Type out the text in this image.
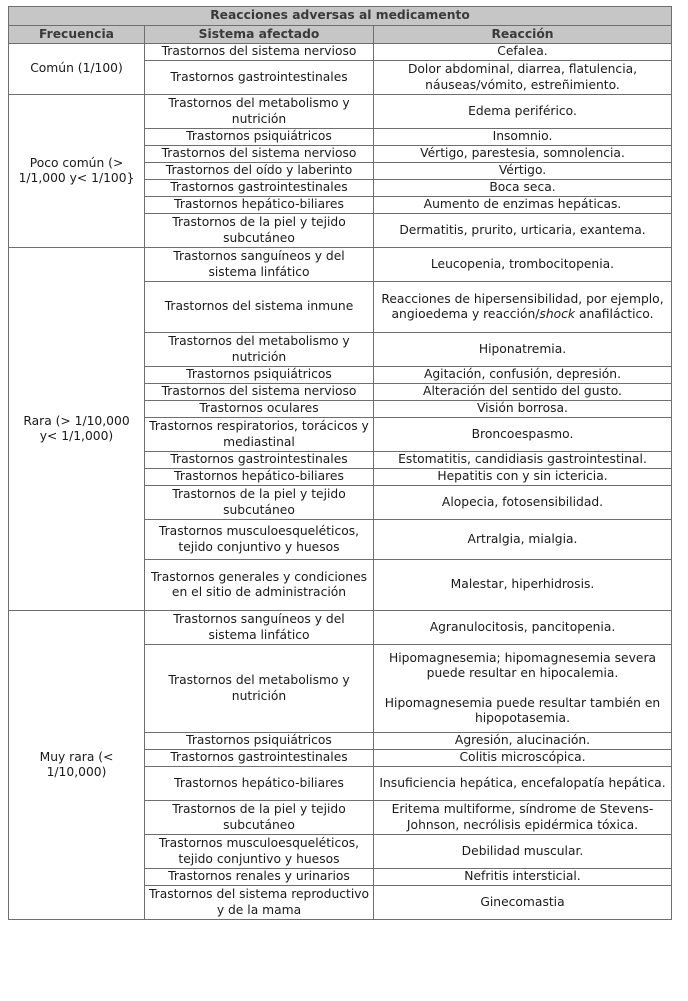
Reacciones adversas al medicamento		
Frecuencia	Sistema afectado	Reacción
Común (1/100)	Trastornos del sistema nervioso	Cefalea.

	Trastornos gastrointestinales	Dolor abdominal, diarrea, flatulencia, náuseas/vómito, estreñimiento.

Poco común (> 1/1,000 y< 1/100}	Trastornos del metabolismo y nutrición	Edema periférico.

	Trastornos psiquiátricos	Insomnio.

	Trastornos del sistema nervioso	Vértigo, parestesia, somnolencia.

	Trastornos del oído y laberinto	Vértigo.

	Trastornos gastrointestinales	Boca seca.

	Trastornos hepático-biliares	Aumento de enzimas hepáticas.

	Trastornos de la piel y tejido subcutáneo	Dermatitis, prurito, urticaria, exantema.

Rara (> 1/10,000 y< 1/1,000)	Trastornos sanguíneos y del sistema linfático	Leucopenia, trombocitopenia.

	Trastornos del sistema inmune	Reacciones de hipersensibilidad, por ejemplo, angioedema y reacción/shock anafiláctico.

	Trastornos del metabolismo y nutrición	Hiponatremia.

	Trastornos psiquiátricos	Agitación, confusión, depresión.

	Trastornos del sistema nervioso	Alteración del sentido del gusto.

	Trastornos oculares	Visión borrosa.

	Trastornos respiratorios, torácicos y mediastinal	Broncoespasmo.

	Trastornos gastrointestinales	Estomatitis, candidiasis gastrointestinal.

	Trastornos hepático-biliares	Hepatitis con y sin ictericia.

	Trastornos de la piel y tejido subcutáneo	Alopecia, fotosensibilidad.

	Trastornos musculoesqueléticos, tejido conjuntivo y huesos	Artralgia, mialgia.

	Trastornos generales y condiciones en el sitio de administración	Malestar, hiperhidrosis.

Muy rara (< 1/10,000)	Trastornos sanguíneos y del sistema linfático	Agranulocitosis, pancitopenia.

	Trastornos del metabolismo y nutrición	Hipomagnesemia; hipomagnesemia severa puede resultar en hipocalemia.
Hipomagnesemia puede resultar también en hipopotasemia.

	Trastornos psiquiátricos	Agresión, alucinación.

	Trastornos gastrointestinales	Colitis microscópica.

	Trastornos hepático-biliares	Insuficiencia hepática, encefalopatía hepática.

	Trastornos de la piel y tejido subcutáneo	Eritema multiforme, síndrome de Stevens-Johnson, necrólisis epidérmica tóxica.

	Trastornos musculoesqueléticos, tejido conjuntivo y huesos	Debilidad muscular.

	Trastornos renales y urinarios	Nefritis intersticial.

	Trastornos del sistema reproductivo y de la mama	Ginecomastia
